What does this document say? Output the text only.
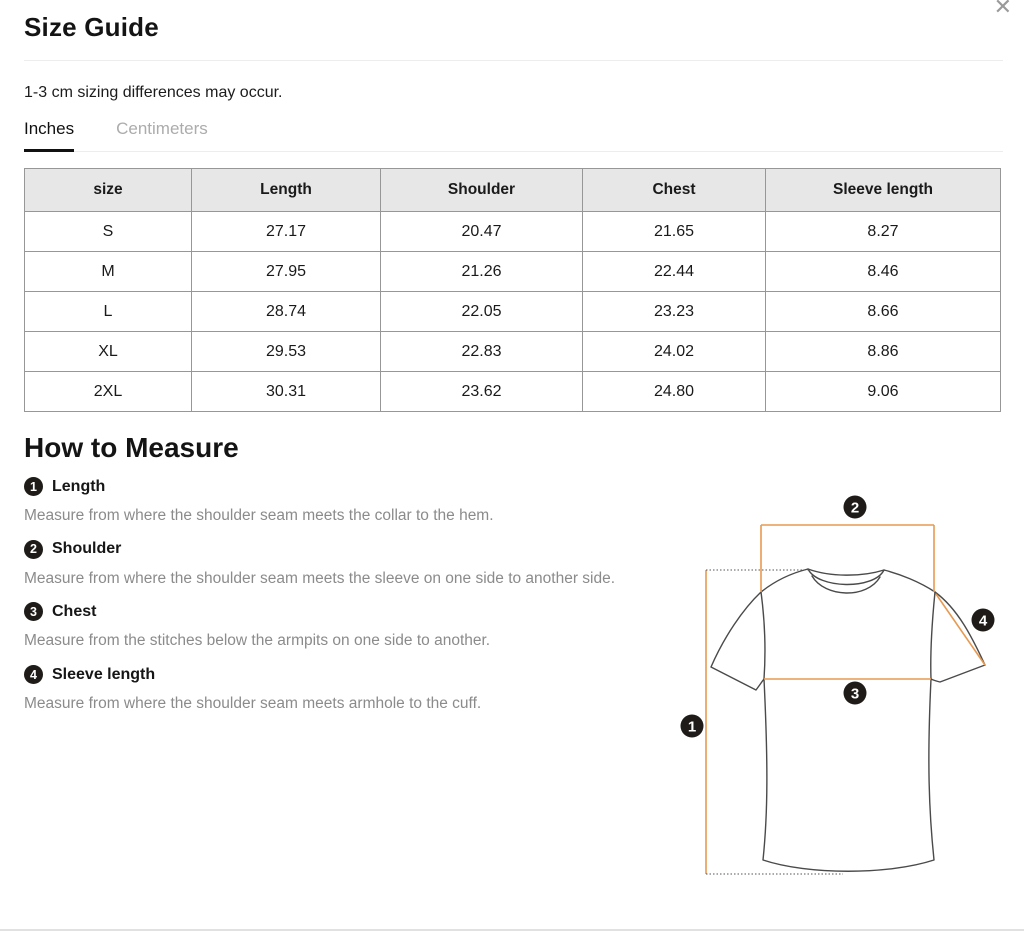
✕
Size Guide
1-3 cm sizing differences may occur.
Inches Centimeters
size	Length	Shoulder	Chest	Sleeve length
S	27.17	20.47	21.65	8.27
M	27.95	21.26	22.44	8.46
L	28.74	22.05	23.23	8.66
XL	29.53	22.83	24.02	8.86
2XL	30.31	23.62	24.80	9.06
How to Measure
1 Length
Measure from where the shoulder seam meets the collar to the hem.
2 Shoulder
Measure from where the shoulder seam meets the sleeve on one side to another side.
3 Chest
Measure from the stitches below the armpits on one side to another.
4 Sleeve length
Measure from where the shoulder seam meets armhole to the cuff.
2
4
3
1
